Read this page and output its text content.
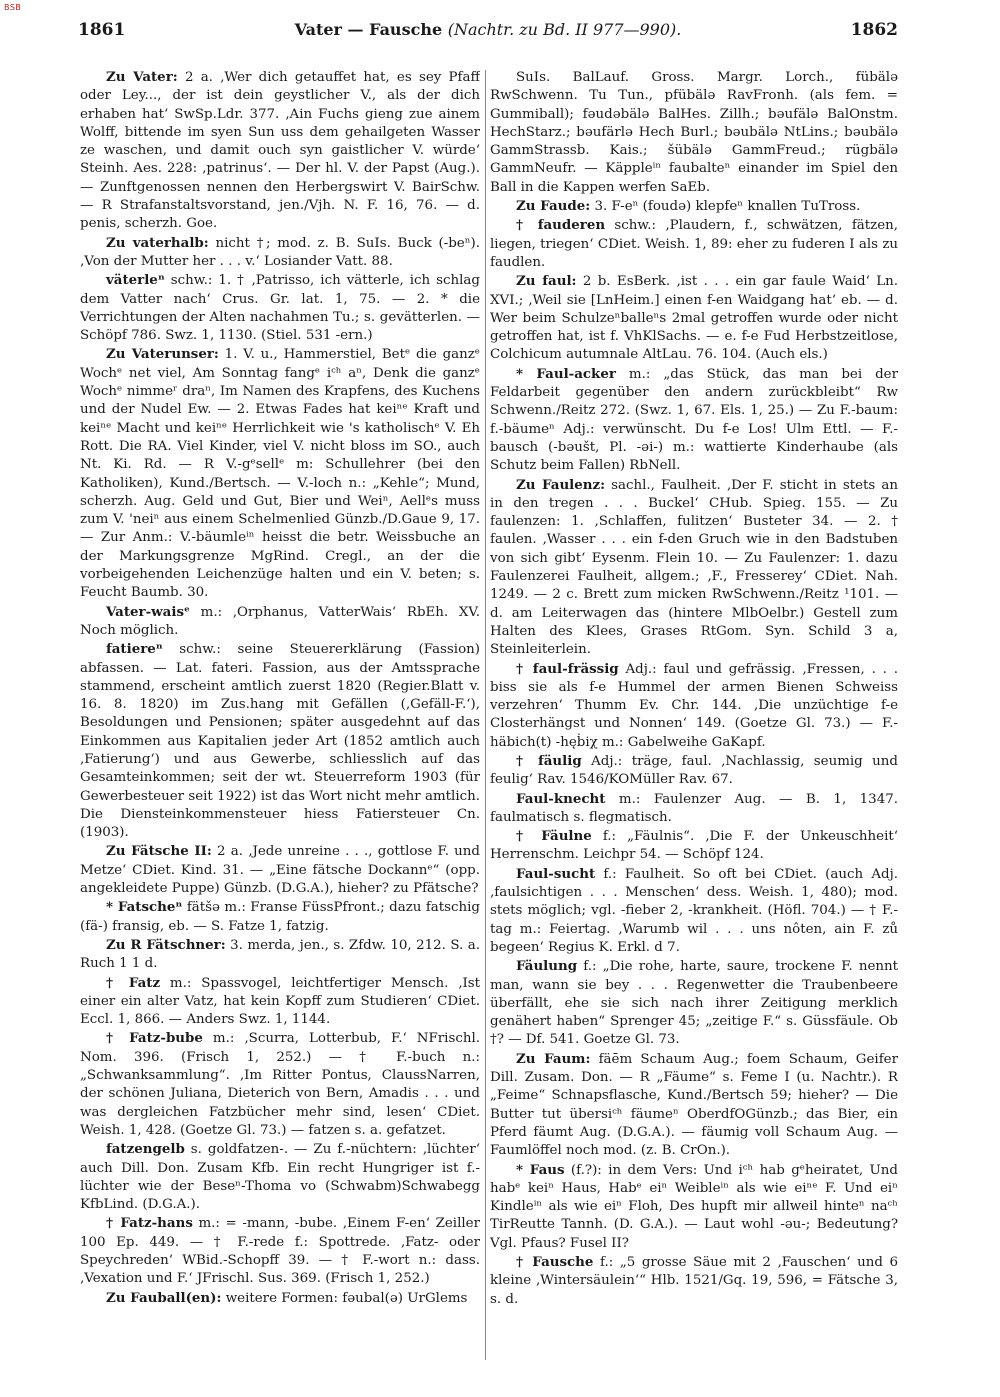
BSB
1861	Vater — Fausche (Nachtr. zu Bd. II 977—990).	1862

Zu Vater: 2 a. ‚Wer dich getauffet hat, es sey Pfaff oder Ley..., der ist dein geystlicher V., als der dich erhaben hat‘ SwSp.Ldr. 377. ‚Ain Fuchs gieng zue ainem Wolff, bittende im syen Sun uss dem gehailgeten Wasser ze waschen, und damit ouch syn gaistlicher V. würde‘ Steinh. Aes. 228: ‚patrinus‘. — Der hl. V. der Papst (Aug.). — Zunftgenossen nennen den Herbergswirt V. BairSchw. — R Strafanstaltsvorstand, jen./Vjh. N. F. 16, 76. — d. penis, scherzh. Goe.

Zu vaterhalb: nicht †; mod. z. B. SuIs. Buck (-beⁿ). ‚Von der Mutter her . . . v.‘ Losiander Vatt. 88.

väterleⁿ schw.: 1. † ‚Patrisso, ich vätterle, ich schlag dem Vatter nach‘ Crus. Gr. lat. 1, 75. — 2. * die Verrichtungen der Alten nachahmen Tu.; s. gevätterlen. — Schöpf 786. Swz. 1, 1130. (Stiel. 531 -ern.)

Zu Vaterunser: 1. V. u., Hammerstiel, Betᵉ die ganzᵉ Wochᵉ net viel, Am Sonntag fangᵉ iᶜʰ aⁿ, Denk die ganzᵉ Wochᵉ nimmeʳ draⁿ, Im Namen des Krapfens, des Kuchens und der Nudel Ew. — 2. Etwas Fades hat keiⁿᵉ Kraft und keiⁿᵉ Macht und keiⁿᵉ Herrlichkeit wie 's katholischᵉ V. Eh Rott. Die RA. Viel Kinder, viel V. nicht bloss im SO., auch Nt. Ki. Rd. — R V.-gᵉsellᵉ m: Schullehrer (bei den Katholiken), Kund./Bertsch. — V.-loch n.: „Kehle“; Mund, scherzh. Aug. Geld und Gut, Bier und Weiⁿ, Aellᵉs muss zum V. 'neiⁿ aus einem Schelmenlied Günzb./D.Gaue 9, 17. — Zur Anm.: V.-bäumleⁱⁿ heisst die betr. Weissbuche an der Markungsgrenze MgRind. Cregl., an der die vorbeigehenden Leichenzüge halten und ein V. beten; s. Feucht Baumb. 30.

Vater-waisᵉ m.: ‚Orphanus, VatterWais‘ RbEh. XV. Noch möglich.

fatiereⁿ schw.: seine Steuererklärung (Fassion) abfassen. — Lat. fateri. Fassion, aus der Amtssprache stammend, erscheint amtlich zuerst 1820 (Regier.Blatt v. 16. 8. 1820) im Zus.hang mit Gefällen (‚Gefäll-F.‘), Besoldungen und Pensionen; später ausgedehnt auf das Einkommen aus Kapitalien jeder Art (1852 amtlich auch ‚Fatierung‘) und aus Gewerbe, schliesslich auf das Gesamteinkommen; seit der wt. Steuerreform 1903 (für Gewerbesteuer seit 1922) ist das Wort nicht mehr amtlich. Die Diensteinkommensteuer hiess Fatiersteuer Cn. (1903).

Zu Fätsche II: 2 a. ‚Jede unreine . . ., gottlose F. und Metze‘ CDiet. Kind. 31. — „Eine fätsche Dockannᵉ“ (opp. angekleidete Puppe) Günzb. (D.G.A.), hieher? zu Pfätsche?

* Fatscheⁿ fätšə m.: Franse FüssPfront.; dazu fatschig (fä-) fransig, eb. — S. Fatze 1, fatzig.

Zu R Fätschner: 3. merda, jen., s. Zfdw. 10, 212. S. a. Ruch 1 1 d.

† Fatz m.: Spassvogel, leichtfertiger Mensch. ‚Ist einer ein alter Vatz, hat kein Kopff zum Studieren‘ CDiet. Eccl. 1, 866. — Anders Swz. 1, 1144.

† Fatz-bube m.: ‚Scurra, Lotterbub, F.‘ NFrischl. Nom. 396. (Frisch 1, 252.) — † F.-buch n.: „Schwanksammlung“. ‚Im Ritter Pontus, ClaussNarren, der schönen Juliana, Dieterich von Bern, Amadis . . . und was dergleichen Fatzbücher mehr sind, lesen‘ CDiet. Weish. 1, 428. (Goetze Gl. 73.) — fatzen s. a. gefatzet.

fatzengelb s. goldfatzen-. — Zu f.-nüchtern: ‚lüchter‘ auch Dill. Don. Zusam Kfb. Ein recht Hungriger ist f.-lüchter wie der Beseⁿ-Thoma vo (Schwabm)Schwabegg KfbLind. (D.G.A.).

† Fatz-hans m.: = -mann, -bube. ‚Einem F-en‘ Zeiller 100 Ep. 449. — † F.-rede f.: Spottrede. ‚Fatz- oder Speychreden‘ WBid.-Schopff 39. — † F.-wort n.: dass. ‚Vexation und F.‘ JFrischl. Sus. 369. (Frisch 1, 252.)

Zu Fauball(en): weitere Formen: fəubal(ə) UrGlems

SuIs. BalLauf. Gross. Margr. Lorch., fübälə RwSchwenn. Tu Tun., pfübälə RavFronh. (als fem. = Gummiball); fəudəbälə BalHes. Zillh.; bəufälə BalOnstm. HechStarz.; bəufärlə Hech Burl.; bəubälə NtLins.; bəubälə GammStrassb. Kais.; šübälə GammFreud.; rügbälə GammNeufr. — Käppleⁱⁿ faubalteⁿ einander im Spiel den Ball in die Kappen werfen SaEb.

Zu Faude: 3. F-eⁿ (foudə) klepfeⁿ knallen TuTross.

† fauderen schw.: ‚Plaudern, f., schwätzen, fätzen, liegen, triegen‘ CDiet. Weish. 1, 89: eher zu fuderen I als zu faudlen.

Zu faul: 2 b. EsBerk. ‚ist . . . ein gar faule Waid‘ Ln. XVI.; ‚Weil sie [LnHeim.] einen f-en Waidgang hat‘ eb. — d. Wer beim Schulzeⁿballeⁿs 2mal getroffen wurde oder nicht getroffen hat, ist f. VhKlSachs. — e. f-e Fud Herbstzeitlose, Colchicum autumnale AltLau. 76. 104. (Auch els.)

* Faul-acker m.: „das Stück, das man bei der Feldarbeit gegenüber den andern zurückbleibt“ Rw Schwenn./Reitz 272. (Swz. 1, 67. Els. 1, 25.) — Zu F.-baum: f.-bäumeⁿ Adj.: verwünscht. Du f-e Los! Ulm Ettl. — F.-bausch (-bəušt, Pl. -əi-) m.: wattierte Kinderhaube (als Schutz beim Fallen) RbNell.

Zu Faulenz: sachl., Faulheit. ‚Der F. sticht in stets an in den tregen . . . Buckel‘ CHub. Spieg. 155. — Zu faulenzen: 1. ‚Schlaffen, fulitzen‘ Busteter 34. — 2. † faulen. ‚Wasser . . . ein f-den Gruch wie in den Badstuben von sich gibt‘ Eysenm. Flein 10. — Zu Faulenzer: 1. dazu Faulenzerei Faulheit, allgem.; ‚F., Fresserey‘ CDiet. Nah. 1249. — 2 c. Brett zum micken RwSchwenn./Reitz ¹101. — d. am Leiterwagen das (hintere MlbOelbr.) Gestell zum Halten des Klees, Grases RtGom. Syn. Schild 3 a, Steinleiterlein.

† faul-frässig Adj.: faul und gefrässig. ‚Fressen, . . . biss sie als f-e Hummel der armen Bienen Schweiss verzehren‘ Thumm Ev. Chr. 144. ‚Die unzüchtige f-e Closterhängst und Nonnen‘ 149. (Goetze Gl. 73.) — F.-häbich(t) -hęḃiχ m.: Gabelweihe GaKapf.

† fäulig Adj.: träge, faul. ‚Nachlassig, seumig und feulig‘ Rav. 1546/KOMüller Rav. 67.

Faul-knecht m.: Faulenzer Aug. — B. 1, 1347. faulmatisch s. flegmatisch.

† Fäulne f.: „Fäulnis“. ‚Die F. der Unkeuschheit‘ Herrenschm. Leichpr 54. — Schöpf 124.

Faul-sucht f.: Faulheit. So oft bei CDiet. (auch Adj. ‚faulsichtigen . . . Menschen‘ dess. Weish. 1, 480); mod. stets möglich; vgl. -fieber 2, -krankheit. (Höfl. 704.) — † F.-tag m.: Feiertag. ‚Warumb wil . . . uns nôten, ain F. zů begeen‘ Regius K. Erkl. d 7.

Fäulung f.: „Die rohe, harte, saure, trockene F. nennt man, wann sie bey . . . Regenwetter die Traubenbeere überfällt, ehe sie sich nach ihrer Zeitigung merklich genähert haben“ Sprenger 45; „zeitige F.“ s. Güssfäule. Ob †? — Df. 541. Goetze Gl. 73.

Zu Faum: fäēm Schaum Aug.; foem Schaum, Geifer Dill. Zusam. Don. — R „Fäume“ s. Feme I (u. Nachtr.). R „Feime“ Schnapsflasche, Kund./Bertsch 59; hieher? — Die Butter tut übersiᶜʰ fäumeⁿ OberdfOGünzb.; das Bier, ein Pferd fäumt Aug. (D.G.A.). — fäumig voll Schaum Aug. — Faumlöffel noch mod. (z. B. CrOn.).

* Faus (f.?): in dem Vers: Und iᶜʰ hab gᵉheiratet, Und habᵉ keiⁿ Haus, Habᵉ eiⁿ Weibleⁱⁿ als wie eiⁿᵉ F. Und eiⁿ Kindleⁱⁿ als wie eiⁿ Floh, Des hupft mir allweil hinteⁿ naᶜʰ TirReutte Tannh. (D. G.A.). — Laut wohl -əu-; Bedeutung? Vgl. Pfaus? Fusel II?

† Fausche f.: „5 grosse Säue mit 2 ‚Fauschen‘ und 6 kleine ‚Wintersäulein‘“ Hlb. 1521/Gq. 19, 596, = Fätsche 3, s. d.
